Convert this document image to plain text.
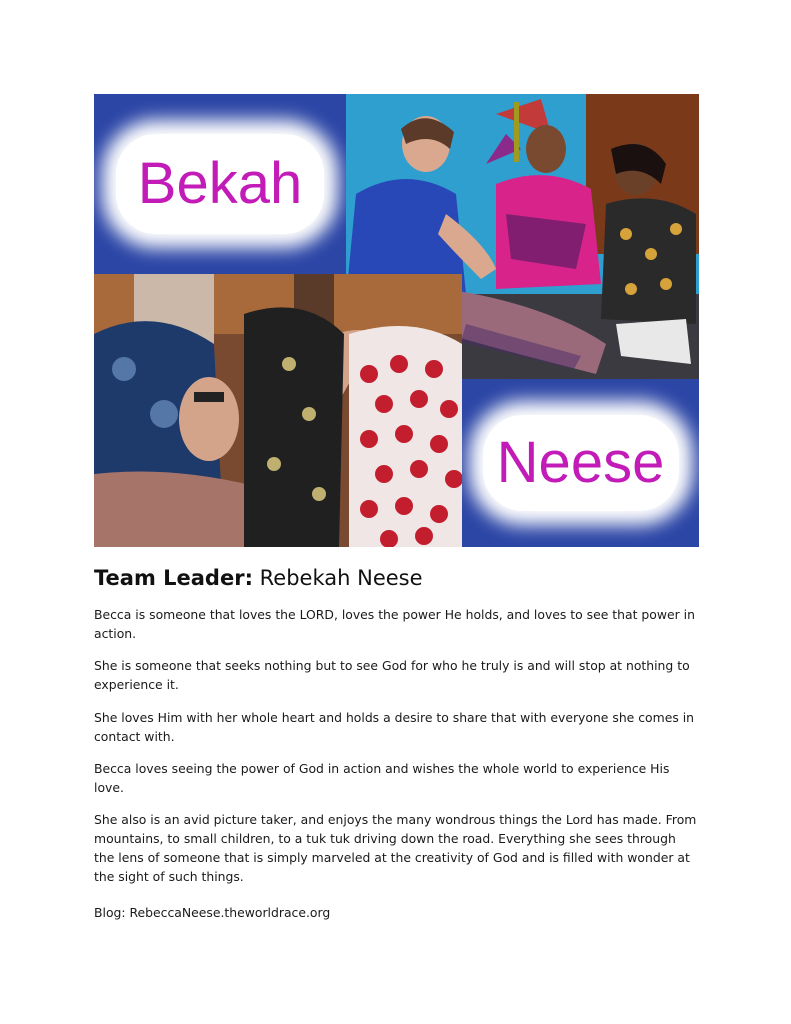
Bekah
Neese
Team Leader: Rebekah Neese

Becca is someone that loves the LORD, loves the power He holds, and loves to see that power in action.

She is someone that seeks nothing but to see God for who he truly is and will stop at nothing to experience it.

She loves Him with her whole heart and holds a desire to share that with everyone she comes in contact with.

Becca loves seeing the power of God in action and wishes the whole world to experience His love.

She also is an avid picture taker, and enjoys the many wondrous things the Lord has made. From mountains, to small children, to a tuk tuk driving down the road. Everything she sees through the lens of someone that is simply marveled at the creativity of God and is filled with wonder at the sight of such things.

Blog: RebeccaNeese.theworldrace.org
